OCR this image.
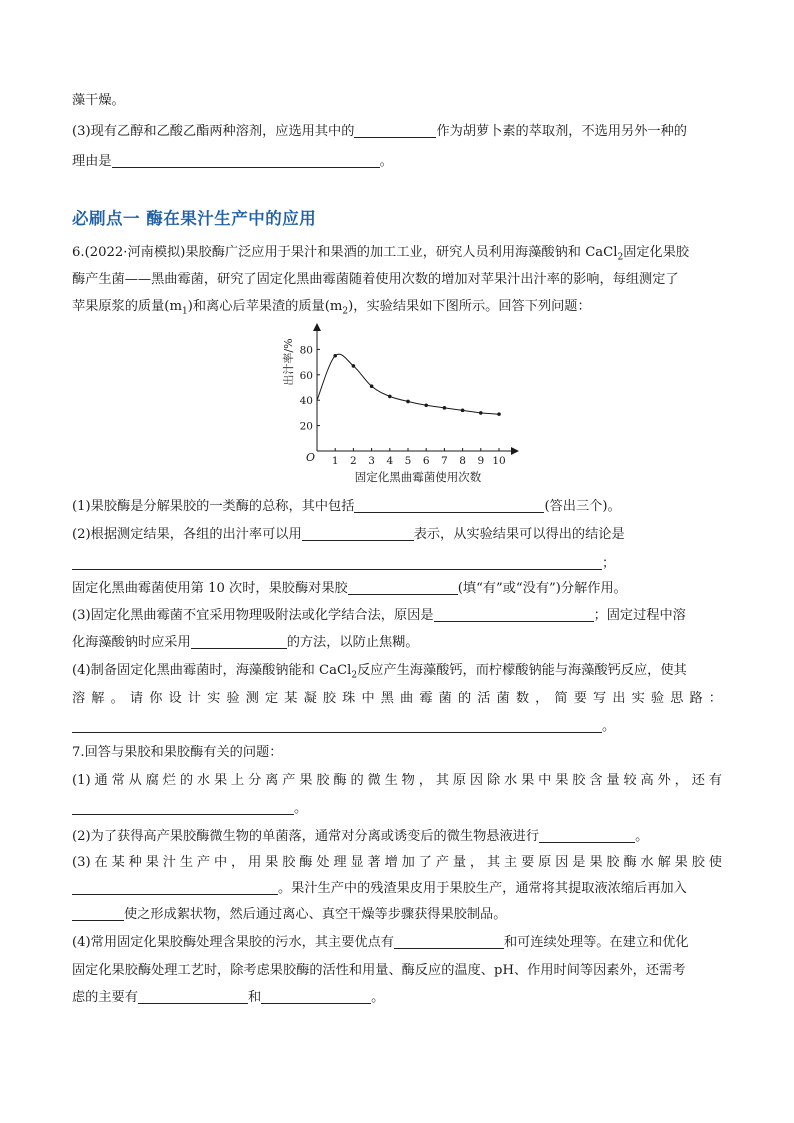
藻干燥。
(3)现有乙醇和乙酸乙酯两种溶剂，应选用其中的	作为胡萝卜素的萃取剂，不选用另外一种的
理由是	。
必刷点一 酶在果汁生产中的应用
6.(2022·河南模拟)果胶酶广泛应用于果汁和果酒的加工工业，研究人员利用海藻酸钠和 CaCl$_2$固定化果胶
酶产生菌——黑曲霉菌，研究了固定化黑曲霉菌随着使用次数的增加对苹果汁出汁率的影响，每组测定了
苹果原浆的质量$(m_1)$和离心后苹果渣的质量$(m_2)$，实验结果如下图所示。回答下列问题：
1 2 3 4 5 6 7 8 9 10
20
40
60
80
O
固定化黑曲霉菌使用次数
出汁率/%
(1)果胶酶是分解果胶的一类酶的总称，其中包括	(答出三个)。
(2)根据测定结果，各组的出汁率可以用	表示，从实验结果可以得出的结论是
；
固定化黑曲霉菌使用第 10 次时，果胶酶对果胶	(填“有”或“没有”)分解作用。
(3)固定化黑曲霉菌不宜采用物理吸附法或化学结合法，原因是	；固定过程中溶
化海藻酸钠时应采用	的方法，以防止焦糊。
(4)制备固定化黑曲霉菌时，海藻酸钠能和 CaCl$_2$反应产生海藻酸钙，而柠檬酸钠能与海藻酸钙反应，使其
溶解。请你设计实验测定某凝胶珠中黑曲霉菌的活菌数，简要写出实验思路：
。
7.回答与果胶和果胶酶有关的问题：
(1)通常从腐烂的水果上分离产果胶酶的微生物，其原因除水果中果胶含量较高外，还有
。
(2)为了获得高产果胶酶微生物的单菌落，通常对分离或诱变后的微生物悬液进行	。
(3)在某种果汁生产中，用果胶酶处理显著增加了产量，其主要原因是果胶酶水解果胶使
。果汁生产中的残渣果皮用于果胶生产，通常将其提取液浓缩后再加入
使之形成絮状物，然后通过离心、真空干燥等步骤获得果胶制品。
(4)常用固定化果胶酶处理含果胶的污水，其主要优点有	和可连续处理等。在建立和优化
固定化果胶酶处理工艺时，除考虑果胶酶的活性和用量、酶反应的温度、pH、作用时间等因素外，还需考
虑的主要有	和	。
